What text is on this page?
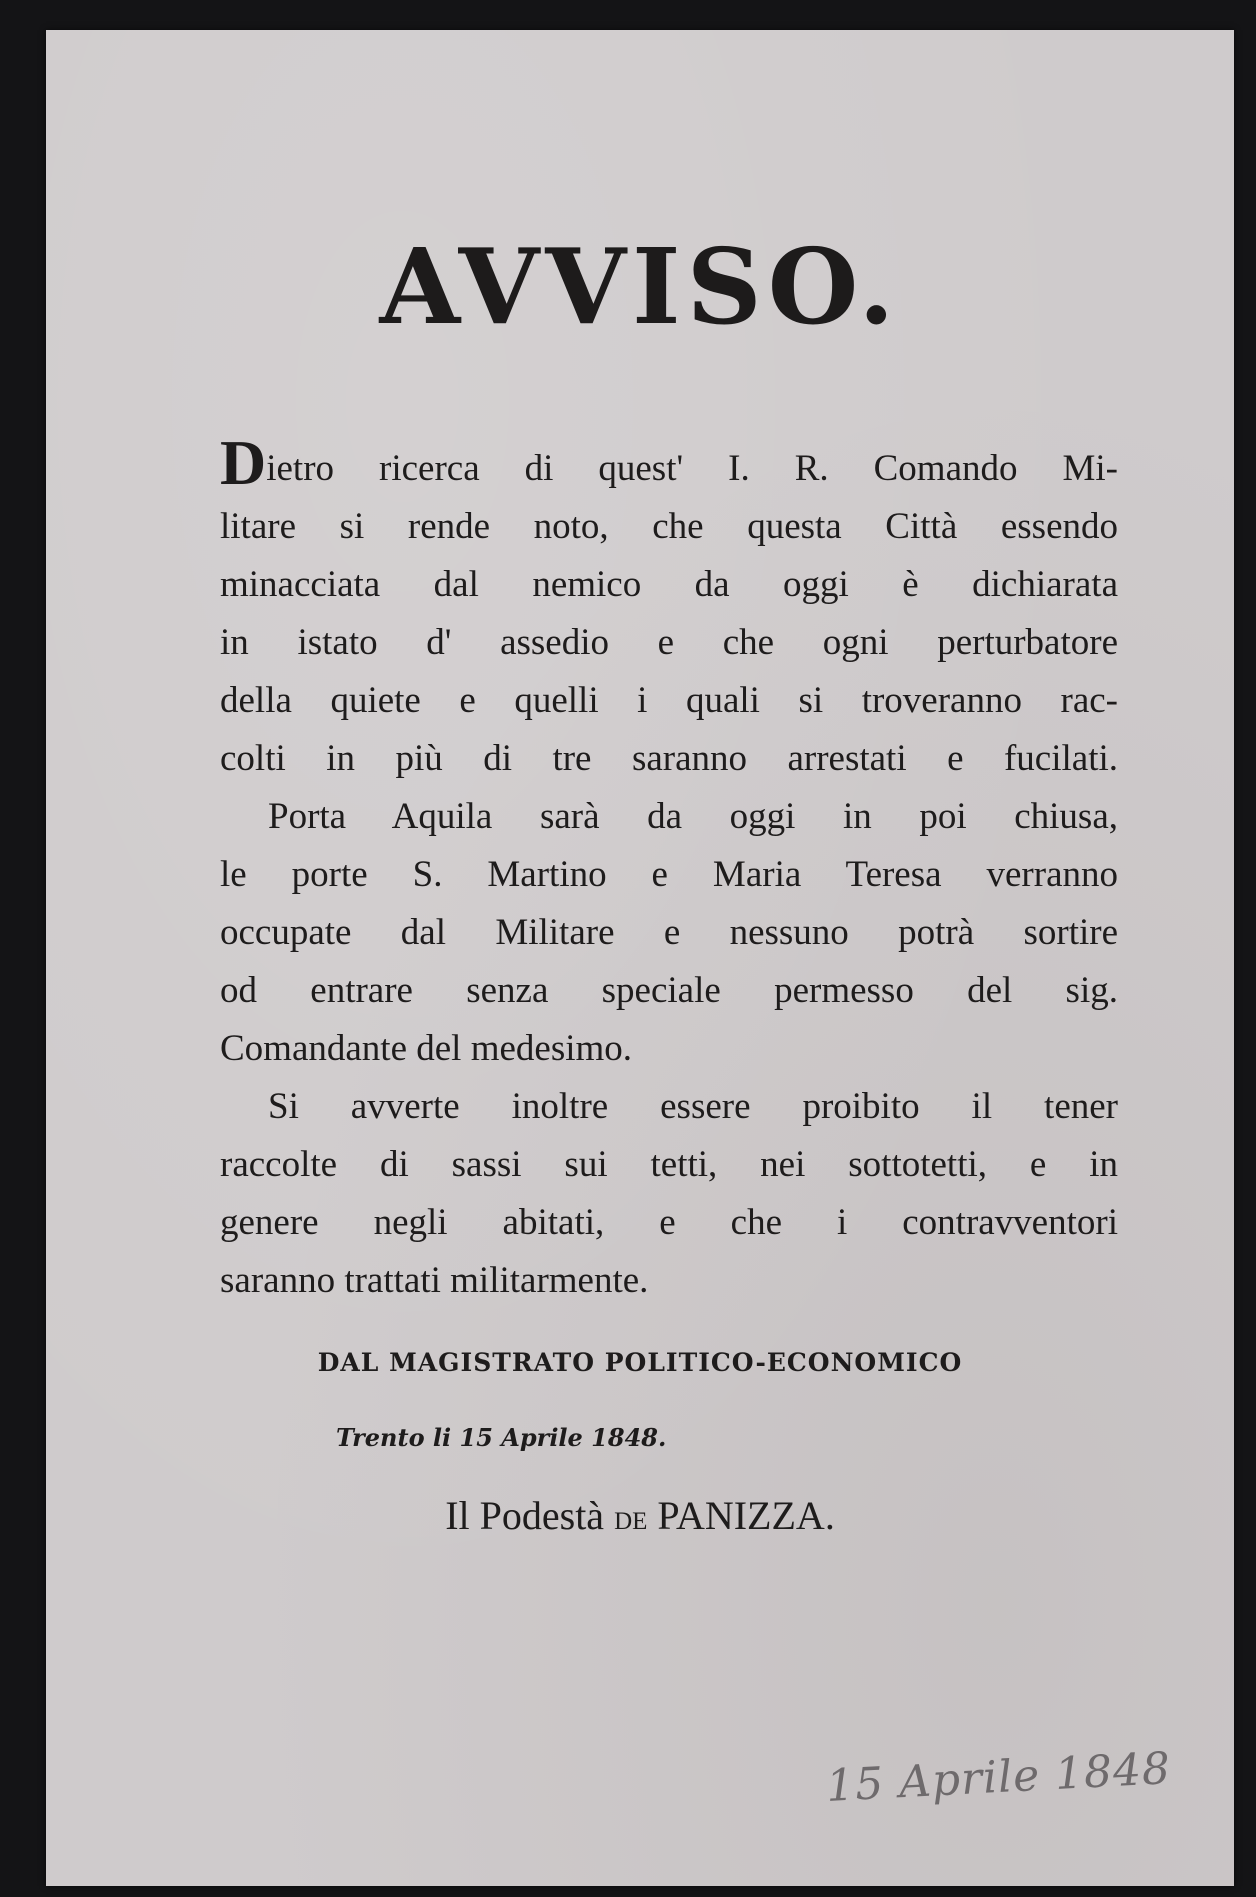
AVVISO.
Dietro ricerca di quest' I. R. Comando Mi-
litare si rende noto, che questa Città essendo
minacciata dal nemico da oggi è dichiarata
in istato d' assedio e che ogni perturbatore
della quiete e quelli i quali si troveranno rac-
colti in più di tre saranno arrestati e fucilati.
Porta Aquila sarà da oggi in poi chiusa,
le porte S. Martino e Maria Teresa verranno
occupate dal Militare e nessuno potrà sortire
od entrare senza speciale permesso del sig.
Comandante del medesimo.
Si avverte inoltre essere proibito il tener
raccolte di sassi sui tetti, nei sottotetti, e in
genere negli abitati, e che i contravventori
saranno trattati militarmente.
DAL MAGISTRATO POLITICO-ECONOMICO
Trento li 15 Aprile 1848.
Il Podestà de PANIZZA.
15 Aprile 1848
